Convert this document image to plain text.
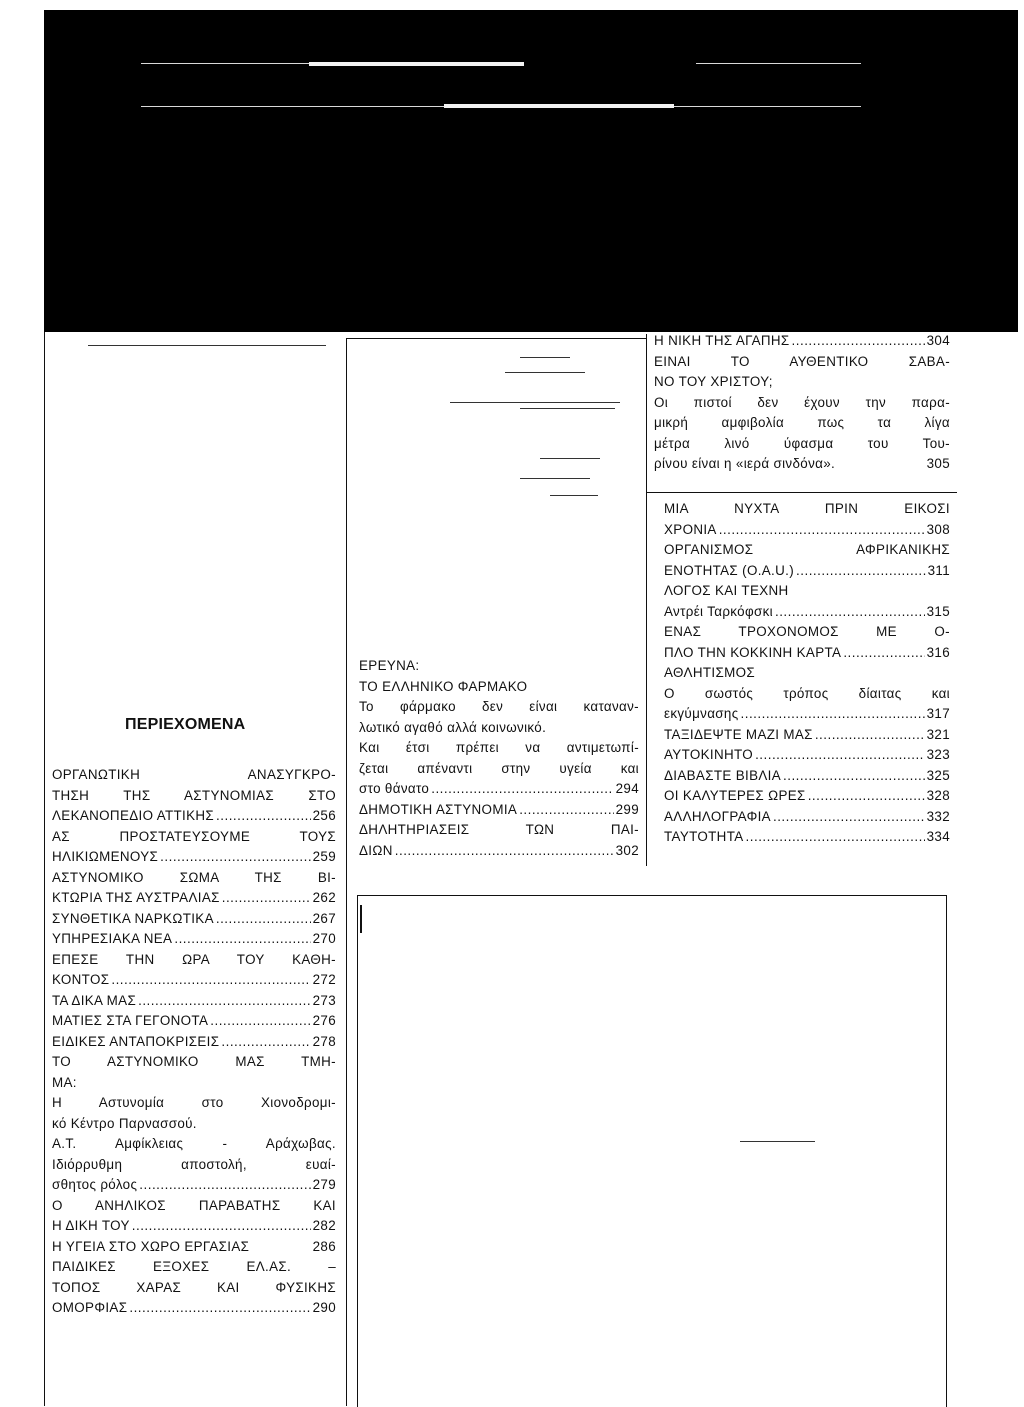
ΠΕΡΙΕΧΟΜΕΝΑ
ΟΡΓΑΝΩΤΙΚΗ ΑΝΑΣΥΓΚΡΟ-
ΤΗΣΗ ΤΗΣ ΑΣΤΥΝΟΜΙΑΣ ΣΤΟ
ΛΕΚΑΝΟΠΕΔΙΟ ΑΤΤΙΚΗΣ .....	256
ΑΣ ΠΡΟΣΤΑΤΕΥΣΟΥΜΕ ΤΟΥΣ
ΗΛΙΚΙΩΜΕΝΟΥΣ .....	259
ΑΣΤΥΝΟΜΙΚΟ ΣΩΜΑ ΤΗΣ ΒΙ-
ΚΤΩΡΙΑ ΤΗΣ ΑΥΣΤΡΑΛΙΑΣ .....	262
ΣΥΝΘΕΤΙΚΑ ΝΑΡΚΩΤΙΚΑ .....	267
ΥΠΗΡΕΣΙΑΚΑ ΝΕΑ .....	270
ΕΠΕΣΕ ΤΗΝ ΩΡΑ ΤΟΥ ΚΑΘΗ-
ΚΟΝΤΟΣ .....	272
ΤΑ ΔΙΚΑ ΜΑΣ .....	273
ΜΑΤΙΕΣ ΣΤΑ ΓΕΓΟΝΟΤΑ .....	276
ΕΙΔΙΚΕΣ ΑΝΤΑΠΟΚΡΙΣΕΙΣ .....	278
ΤΟ ΑΣΤΥΝΟΜΙΚΟ ΜΑΣ ΤΜΗ-
ΜΑ:
Η Αστυνομία στο Χιονοδρομι-
κό Κέντρο Παρνασσού.
Α.Τ. Αμφίκλειας - Αράχωβας.
Ιδιόρρυθμη αποστολή, ευαί-
σθητος ρόλος .....	279
Ο ΑΝΗΛΙΚΟΣ ΠΑΡΑΒΑΤΗΣ ΚΑΙ
Η ΔΙΚΗ ΤΟΥ .....	282
Η ΥΓΕΙΑ ΣΤΟ ΧΩΡΟ ΕΡΓΑΣΙΑΣ	286
ΠΑΙΔΙΚΕΣ ΕΞΟΧΕΣ ΕΛ.ΑΣ. –
ΤΟΠΟΣ ΧΑΡΑΣ ΚΑΙ ΦΥΣΙΚΗΣ
ΟΜΟΡΦΙΑΣ .....	290
ΕΡΕΥΝΑ:
ΤΟ ΕΛΛΗΝΙΚΟ ΦΑΡΜΑΚΟ
Το φάρμακο δεν είναι καταναν-
λωτικό αγαθό αλλά κοινωνικό.
Και έτσι πρέπει να αντιμετωπί-
ζεται απέναντι στην υγεία και
στο θάνατο .....	294
ΔΗΜΟΤΙΚΗ ΑΣΤΥΝΟΜΙΑ .....	299
ΔΗΛΗΤΗΡΙΑΣΕΙΣ ΤΩΝ ΠΑΙ-
ΔΙΩΝ .....	302
Η ΝΙΚΗ ΤΗΣ ΑΓΑΠΗΣ .....	304
ΕΙΝΑΙ ΤΟ ΑΥΘΕΝΤΙΚΟ ΣΑΒΑ-
ΝΟ ΤΟΥ ΧΡΙΣΤΟΥ;
Οι πιστοί δεν έχουν την παρα-
μικρή αμφιβολία πως τα λίγα
μέτρα λινό ύφασμα του Του-
ρίνου είναι η «ιερά σινδόνα».	305
ΜΙΑ ΝΥΧΤΑ ΠΡΙΝ ΕΙΚΟΣΙ
ΧΡΟΝΙΑ .....	308
ΟΡΓΑΝΙΣΜΟΣ ΑΦΡΙΚΑΝΙΚΗΣ
ΕΝΟΤΗΤΑΣ (Ο.Α.U.) .....	311
ΛΟΓΟΣ ΚΑΙ ΤΕΧΝΗ
Αντρέι Ταρκόφσκι .....	315
ΕΝΑΣ ΤΡΟΧΟΝΟΜΟΣ ΜΕ Ο-
ΠΛΟ ΤΗΝ ΚΟΚΚΙΝΗ ΚΑΡΤΑ .....	316
ΑΘΛΗΤΙΣΜΟΣ
Ο σωστός τρόπος δίαιτας και
εκγύμνασης .....	317
ΤΑΞΙΔΕΨΤΕ ΜΑΖΙ ΜΑΣ .....	321
ΑΥΤΟΚΙΝΗΤΟ .....	323
ΔΙΑΒΑΣΤΕ ΒΙΒΛΙΑ .....	325
ΟΙ ΚΑΛΥΤΕΡΕΣ ΩΡΕΣ .....	328
ΑΛΛΗΛΟΓΡΑΦΙΑ .....	332
ΤΑΥΤΟΤΗΤΑ .....	334
